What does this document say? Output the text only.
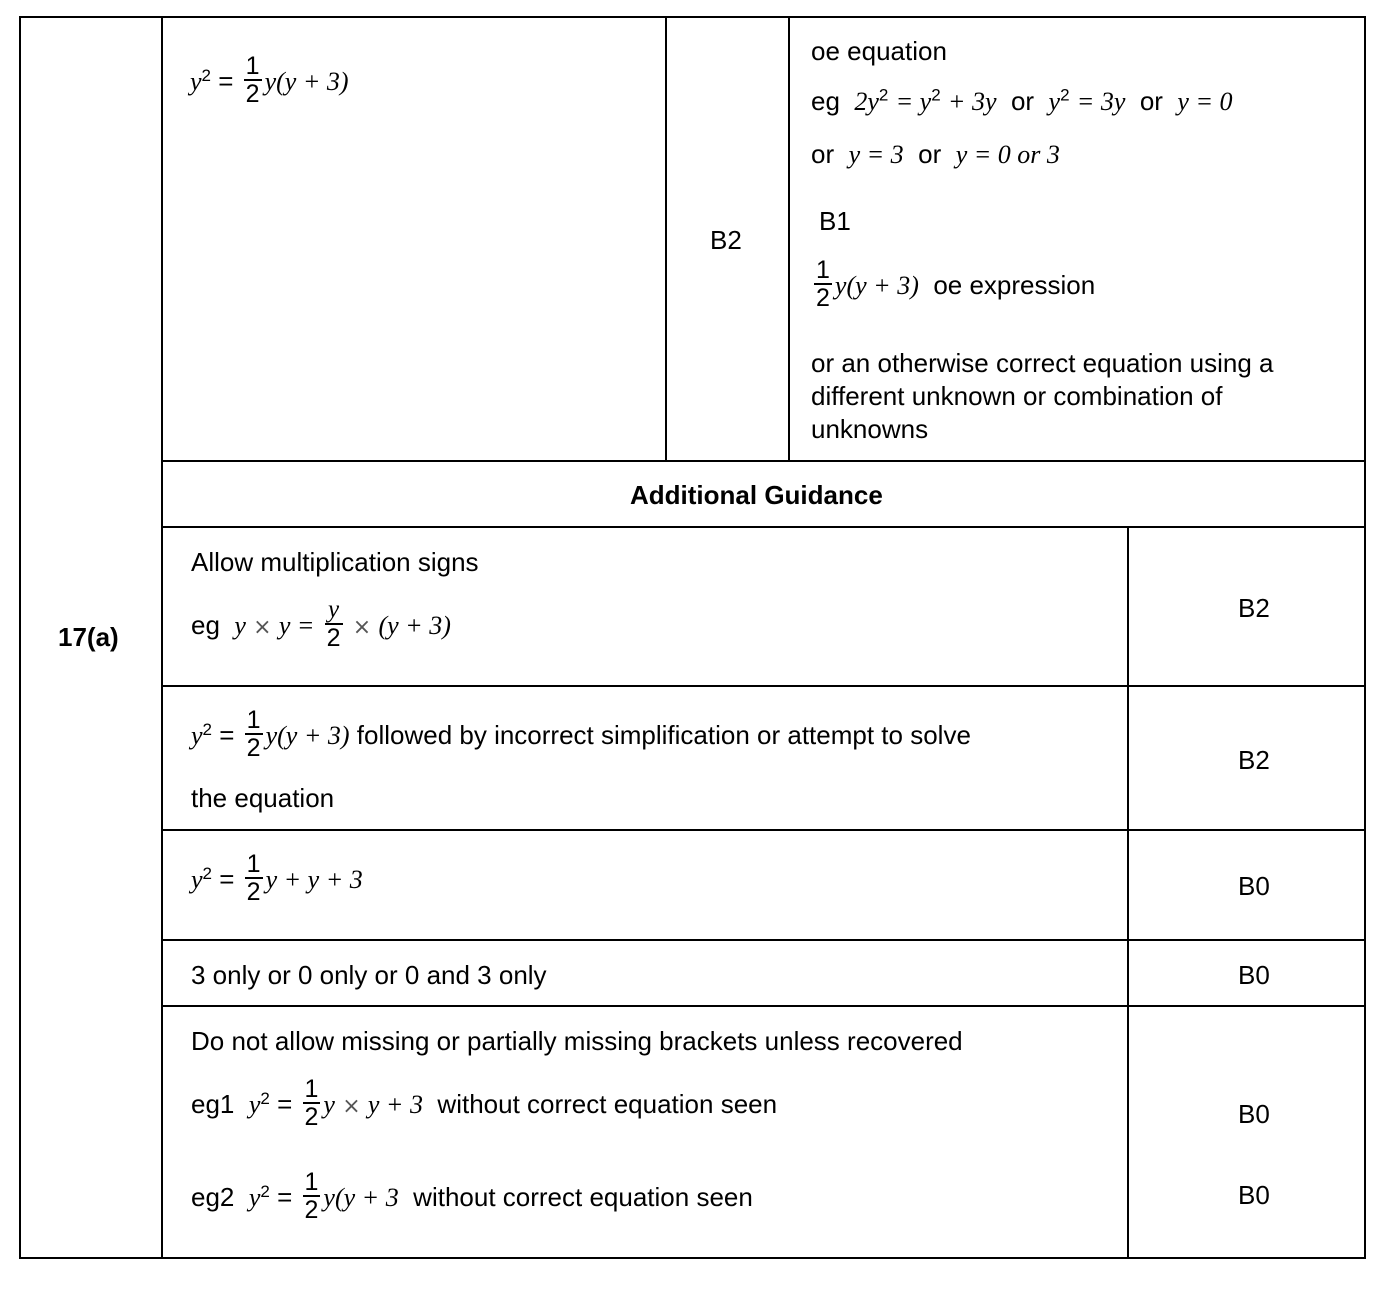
17(a)
$y^2 = \frac{1}{2} y(y + 3)$
B2
oe equation
eg $2y^2 = y^2 + 3y$ or $y^2 = 3y$ or y = 0
or y = 3 or y = 0 or 3
B1
$\frac{1}{2} y(y + 3)$ oe expression
or an otherwise correct equation using a
different unknown or combination of
unknowns
Additional Guidance
Allow multiplication signs
eg $y \times y = \frac{y}{2} \times (y + 3)$
B2
$y^2 = \frac{1}{2} y(y + 3)$ followed by incorrect simplification or attempt to solve
the equation
B2
$y^2 = \frac{1}{2}$ y + y + 3	B0
3 only or 0 only or 0 and 3 only	B0
Do not allow missing or partially missing brackets unless recovered
eg1 $y^2 = \frac{1}{2}$ y × y + 3 without correct equation seen
eg2 $y^2 = \frac{1}{2} y(y + 3$ without correct equation seen
B0
B0
